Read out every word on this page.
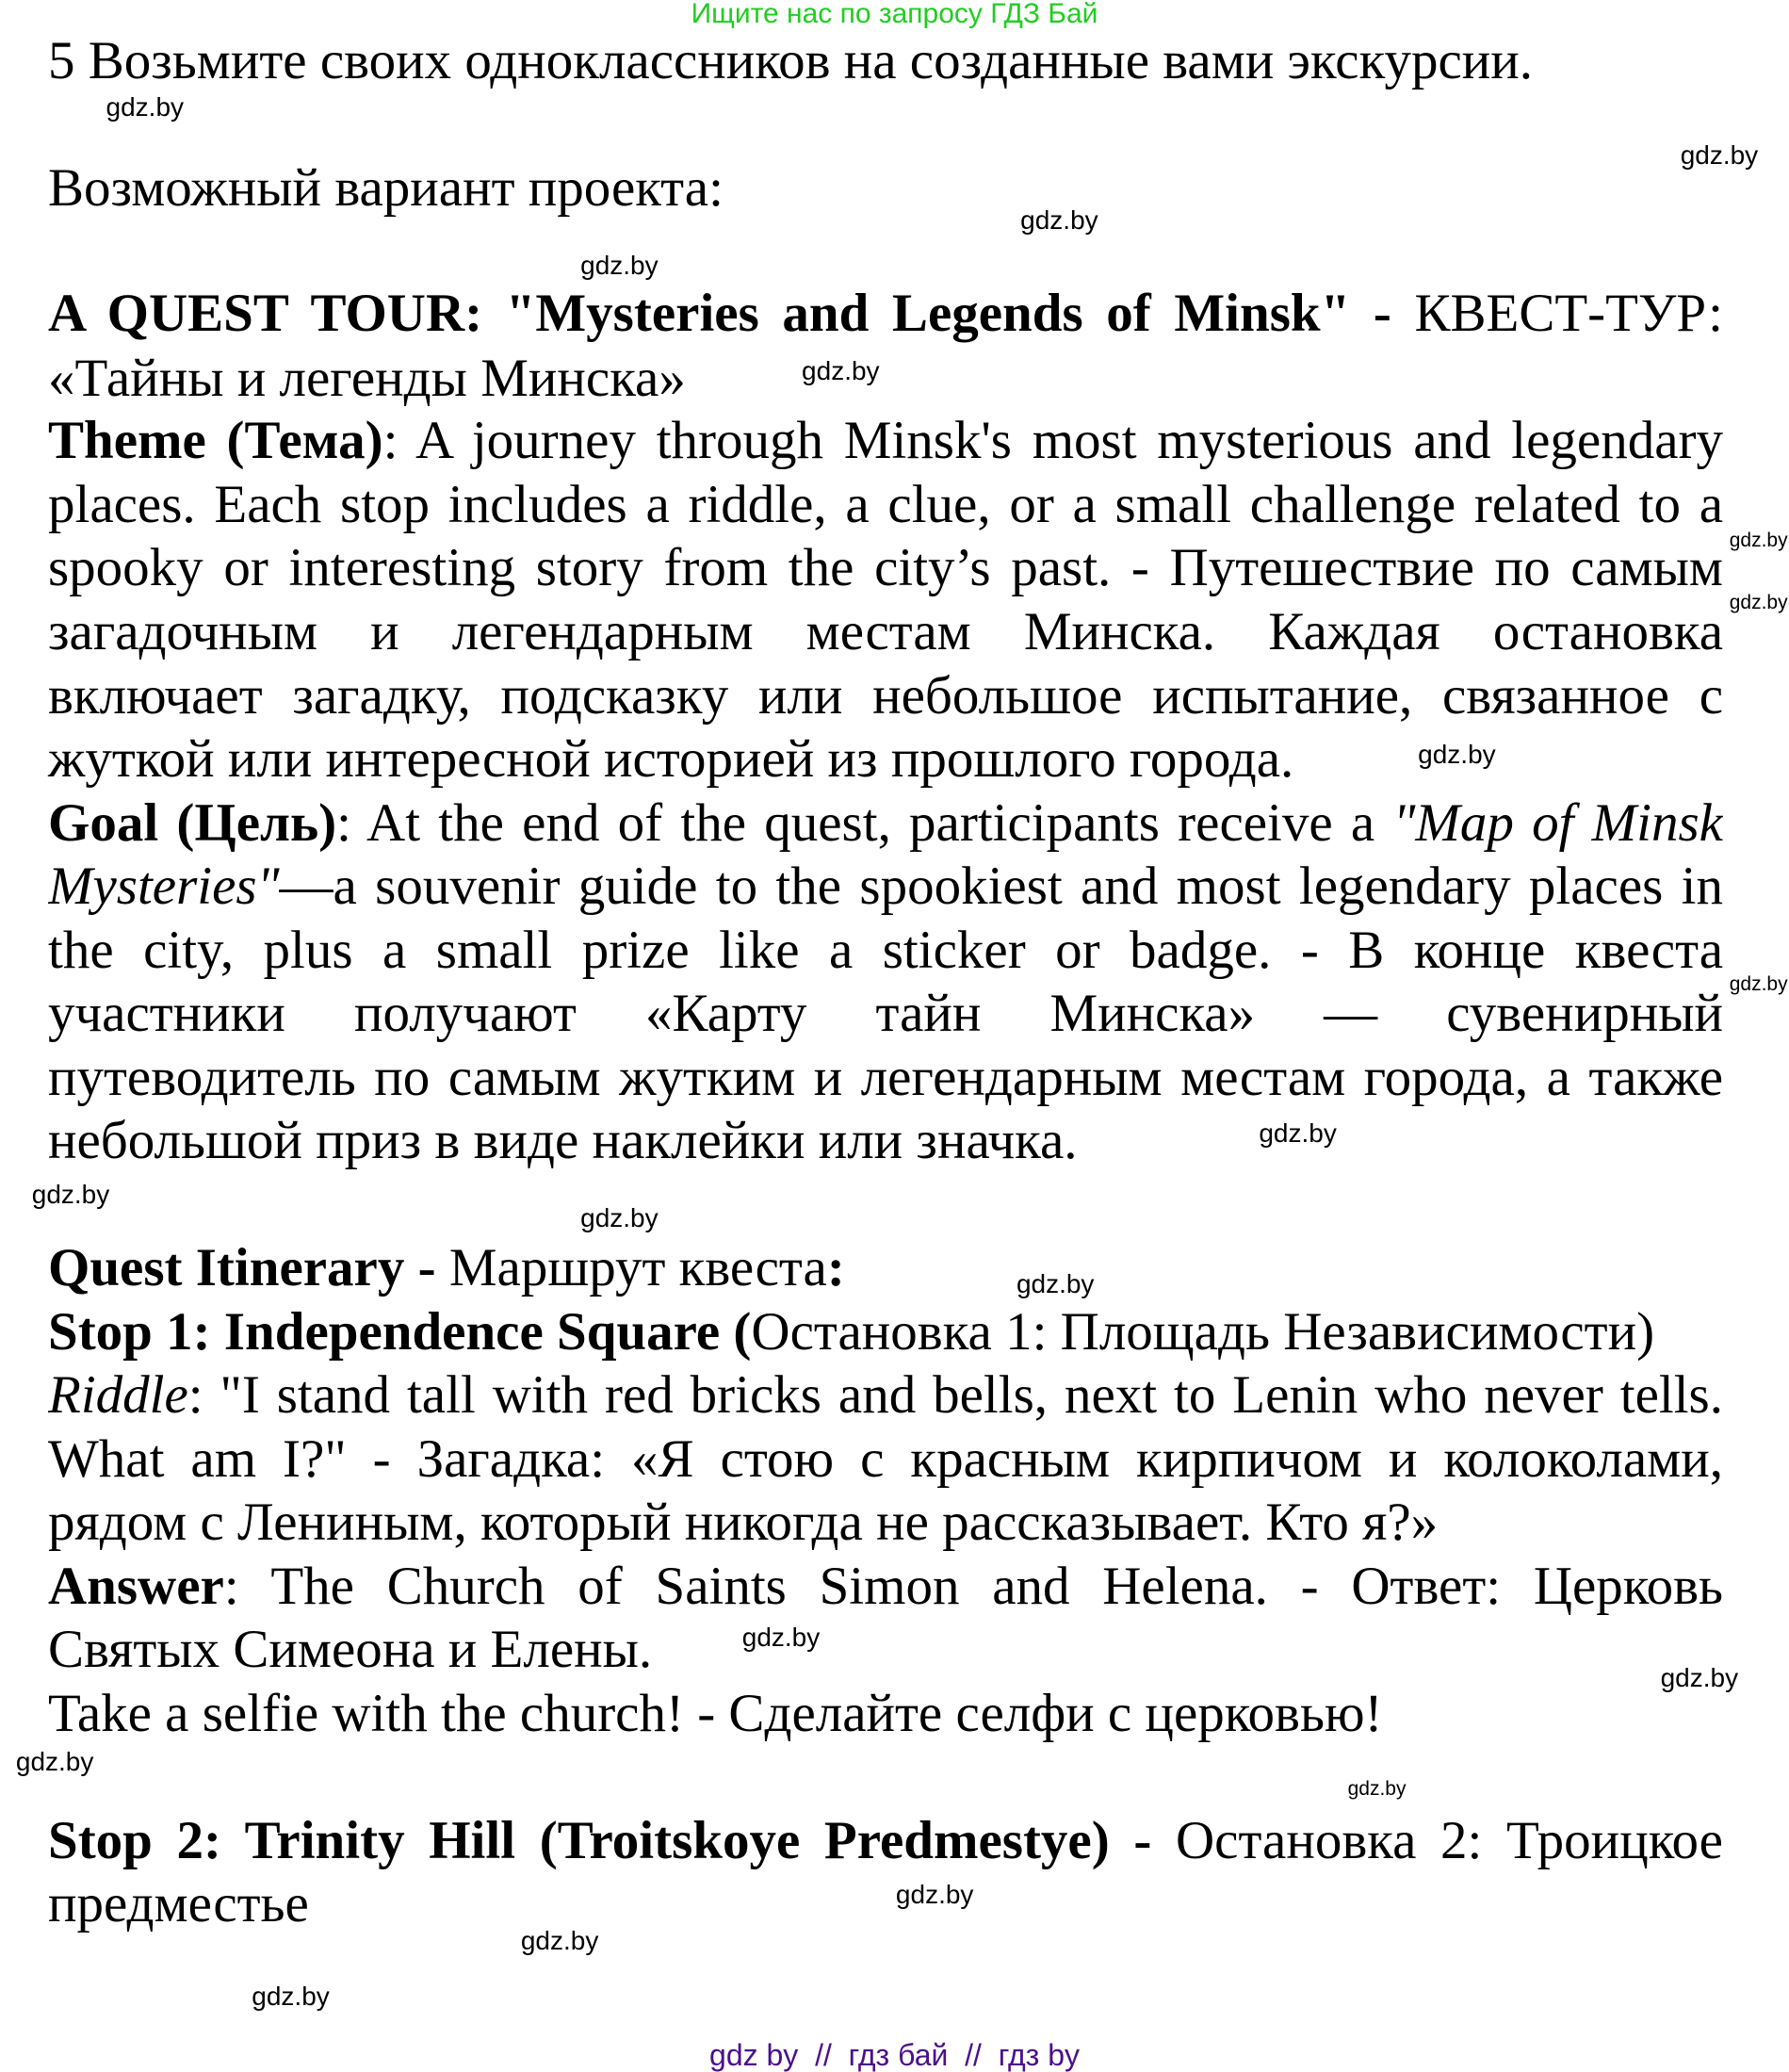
Ищите нас по запросу ГДЗ Бай
5 Возьмите своих одноклассников на созданные вами экскурсии.
Возможный вариант проекта:
A QUEST TOUR: "Mysteries and Legends of Minsk" - КВЕСТ-ТУР:
«Тайны и легенды Минска»
Theme (Тема): A journey through Minsk's most mysterious and legendary
places. Each stop includes a riddle, a clue, or a small challenge related to a
spooky or interesting story from the city’s past. - Путешествие по самым
загадочным и легендарным местам Минска. Каждая остановка
включает загадку, подсказку или небольшое испытание, связанное с
жуткой или интересной историей из прошлого города.
Goal (Цель): At the end of the quest, participants receive a "Map of Minsk
Mysteries"—a souvenir guide to the spookiest and most legendary places in
the city, plus a small prize like a sticker or badge. - В конце квеста
участники получают «Карту тайн Минска» — сувенирный
путеводитель по самым жутким и легендарным местам города, а также
небольшой приз в виде наклейки или значка.
Quest Itinerary - Маршрут квеста:
Stop 1: Independence Square (Остановка 1: Площадь Независимости)
Riddle: "I stand tall with red bricks and bells, next to Lenin who never tells.
What am I?" - Загадка: «Я стою с красным кирпичом и колоколами,
рядом с Лениным, который никогда не рассказывает. Кто я?»
Answer: The Church of Saints Simon and Helena. - Ответ: Церковь
Святых Симеона и Елены.
Take a selfie with the church! - Сделайте селфи с церковью!
Stop 2: Trinity Hill (Troitskoye Predmestye) - Остановка 2: Троицкое
предместье
gdz by  //  гдз бай  //  гдз by
gdz.by
gdz.by
gdz.by
gdz.by
gdz.by
gdz.by
gdz.by
gdz.by
gdz.by
gdz.by
gdz.by
gdz.by
gdz.by
gdz.by
gdz.by
gdz.by
gdz.by
gdz.by
gdz.by
gdz.by
